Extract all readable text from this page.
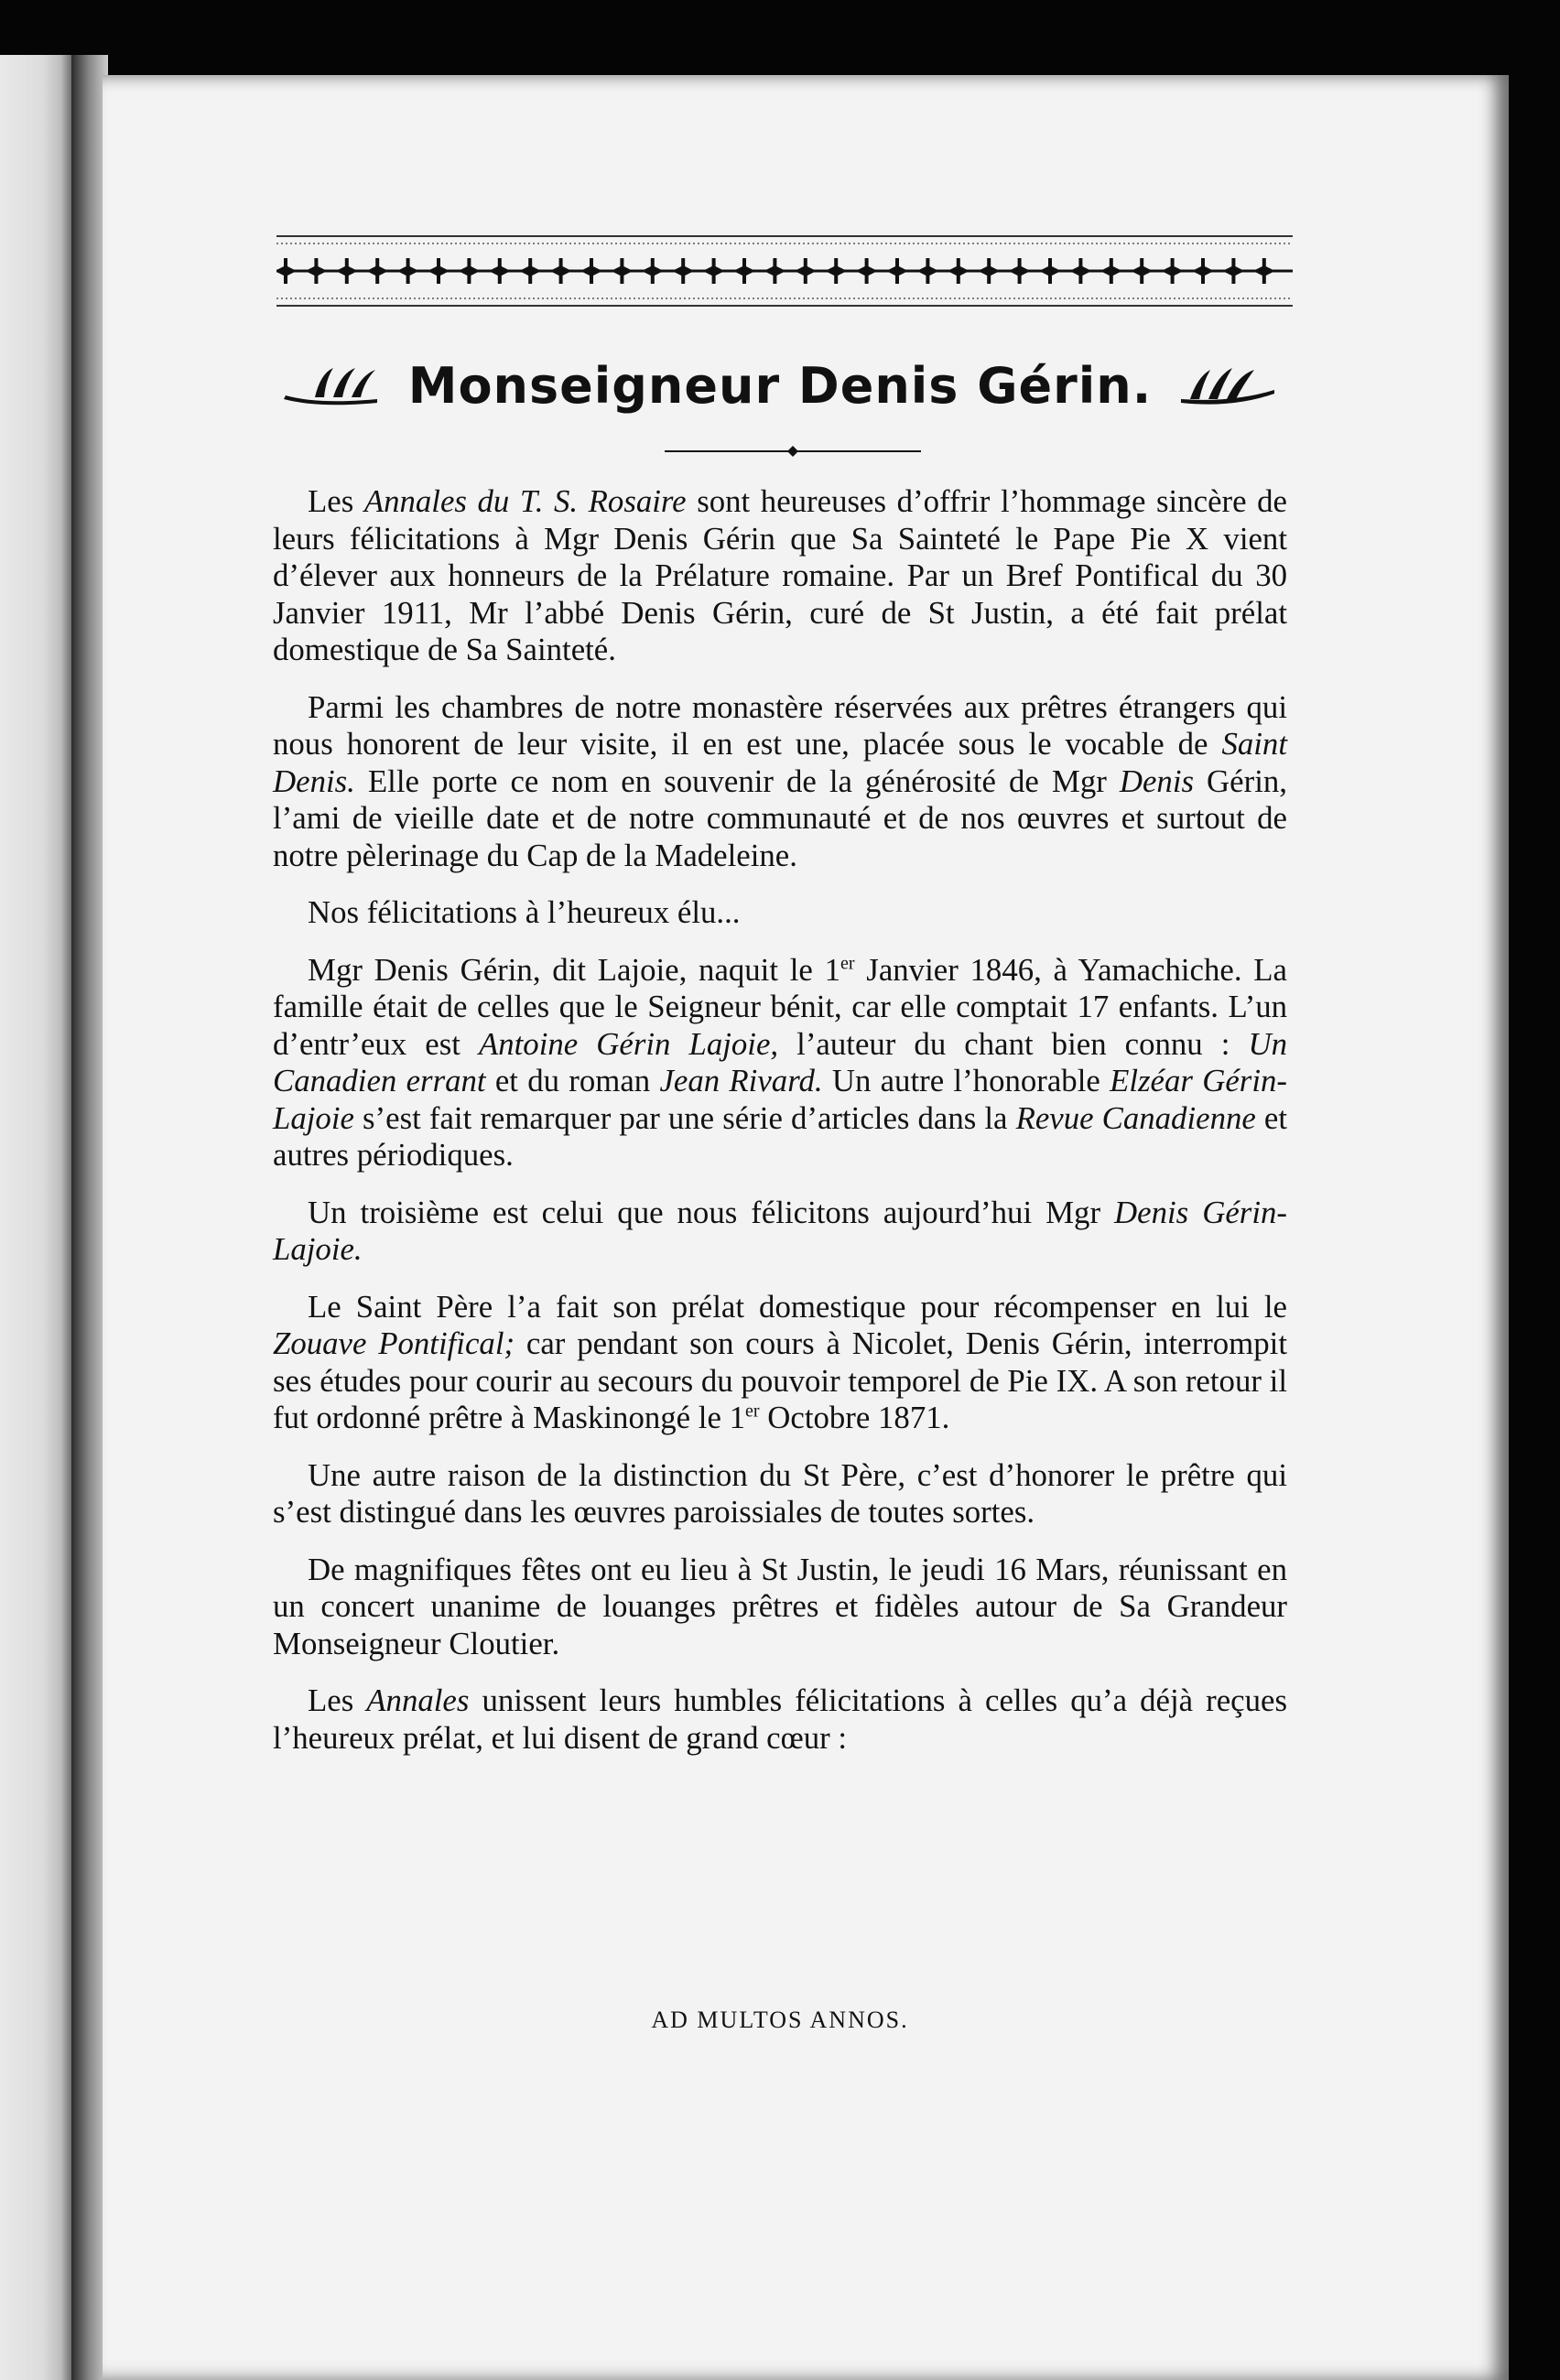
Monseigneur Denis Gérin.

Les Annales du T. S. Rosaire sont heureuses d’offrir l’hommage sincère de leurs félicitations à Mgr Denis Gérin que Sa Sainteté le Pape Pie X vient d’élever aux honneurs de la Prélature romaine. Par un Bref Pontifical du 30 Janvier 1911, Mr l’abbé Denis Gérin, curé de St Justin, a été fait prélat domestique de Sa Sainteté.

Parmi les chambres de notre monastère réservées aux prêtres étrangers qui nous honorent de leur visite, il en est une, placée sous le vocable de Saint Denis. Elle porte ce nom en souvenir de la générosité de Mgr Denis Gérin, l’ami de vieille date et de notre communauté et de nos œuvres et surtout de notre pèlerinage du Cap de la Madeleine.

Nos félicitations à l’heureux élu...

Mgr Denis Gérin, dit Lajoie, naquit le 1er Janvier 1846, à Yamachiche. La famille était de celles que le Seigneur bénit, car elle comptait 17 enfants. L’un d’entr’eux est Antoine Gérin Lajoie, l’auteur du chant bien connu : Un Canadien errant et du roman Jean Rivard. Un autre l’honorable Elzéar Gérin-Lajoie s’est fait remarquer par une série d’articles dans la Revue Canadienne et autres périodiques.

Un troisième est celui que nous félicitons aujourd’hui Mgr Denis Gérin-Lajoie.

Le Saint Père l’a fait son prélat domestique pour récompenser en lui le Zouave Pontifical; car pendant son cours à Nicolet, Denis Gérin, interrompit ses études pour courir au secours du pouvoir temporel de Pie IX. A son retour il fut ordonné prêtre à Maskinongé le 1er Octobre 1871.

Une autre raison de la distinction du St Père, c’est d’honorer le prêtre qui s’est distingué dans les œuvres paroissiales de toutes sortes.

De magnifiques fêtes ont eu lieu à St Justin, le jeudi 16 Mars, réunissant en un concert unanime de louanges prêtres et fidèles autour de Sa Grandeur Monseigneur Cloutier.

Les Annales unissent leurs humbles félicitations à celles qu’a déjà reçues l’heureux prélat, et lui disent de grand cœur :

AD MULTOS ANNOS.
